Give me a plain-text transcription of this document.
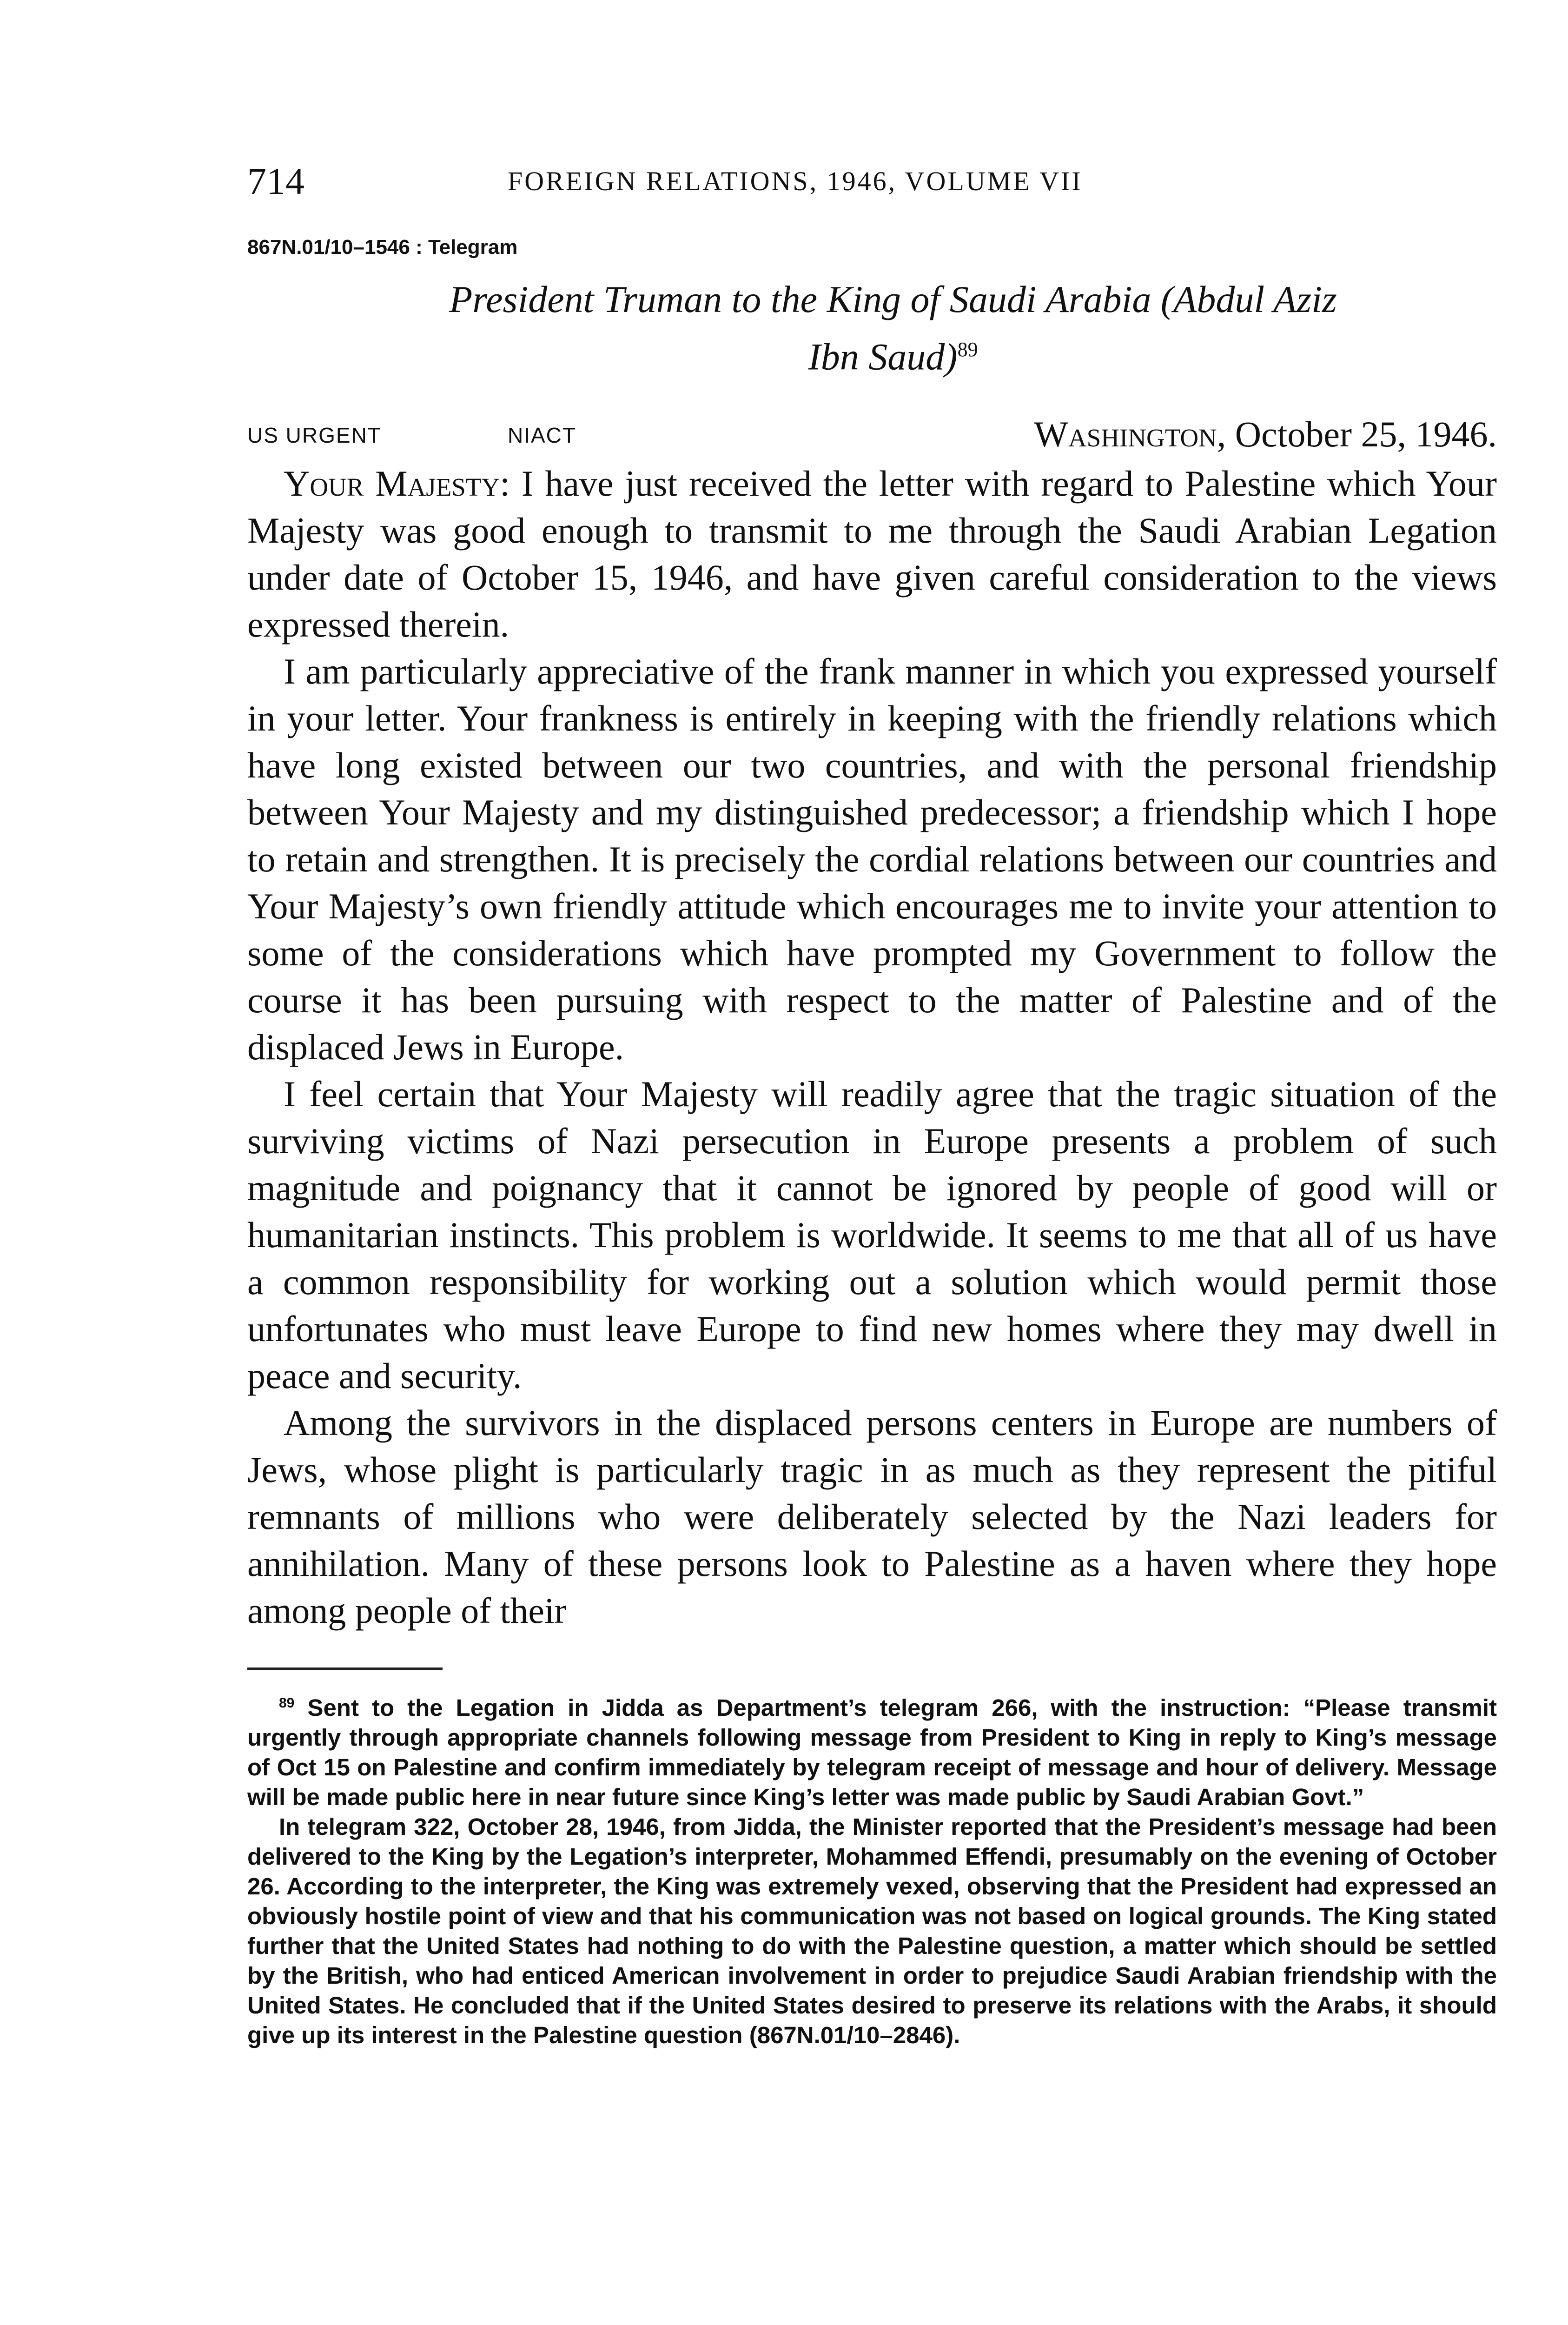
714	FOREIGN RELATIONS, 1946, VOLUME VII
867N.01/10–1546 : Telegram
President Truman to the King of Saudi Arabia (Abdul Aziz
Ibn Saud)$^{89}$
US URGENT	NIACT	Washington, October 25, 1946.

Your Majesty: I have just received the letter with regard to Palestine which Your Majesty was good enough to transmit to me through the Saudi Arabian Legation under date of October 15, 1946, and have given careful consideration to the views expressed therein.

I am particularly appreciative of the frank manner in which you expressed yourself in your letter. Your frankness is entirely in keeping with the friendly relations which have long existed between our two countries, and with the personal friendship between Your Majesty and my distinguished predecessor; a friendship which I hope to retain and strengthen. It is precisely the cordial relations between our countries and Your Majesty’s own friendly attitude which encourages me to invite your attention to some of the considerations which have prompted my Government to follow the course it has been pursuing with respect to the matter of Palestine and of the displaced Jews in Europe.

I feel certain that Your Majesty will readily agree that the tragic situation of the surviving victims of Nazi persecution in Europe presents a problem of such magnitude and poignancy that it cannot be ignored by people of good will or humanitarian instincts. This problem is worldwide. It seems to me that all of us have a common responsibility for working out a solution which would permit those unfortunates who must leave Europe to find new homes where they may dwell in peace and security.

Among the survivors in the displaced persons centers in Europe are numbers of Jews, whose plight is particularly tragic in as much as they represent the pitiful remnants of millions who were deliberately selected by the Nazi leaders for annihilation. Many of these persons look to Palestine as a haven where they hope among people of their

$^{89}$ Sent to the Legation in Jidda as Department’s telegram 266, with the instruction: “Please transmit urgently through appropriate channels following message from President to King in reply to King’s message of Oct 15 on Palestine and confirm immediately by telegram receipt of message and hour of delivery. Message will be made public here in near future since King’s letter was made public by Saudi Arabian Govt.”

In telegram 322, October 28, 1946, from Jidda, the Minister reported that the President’s message had been delivered to the King by the Legation’s interpreter, Mohammed Effendi, presumably on the evening of October 26. According to the interpreter, the King was extremely vexed, observing that the President had expressed an obviously hostile point of view and that his communication was not based on logical grounds. The King stated further that the United States had nothing to do with the Palestine question, a matter which should be settled by the British, who had enticed American involvement in order to prejudice Saudi Arabian friendship with the United States. He concluded that if the United States desired to preserve its relations with the Arabs, it should give up its interest in the Palestine question (867N.01/10–2846).
